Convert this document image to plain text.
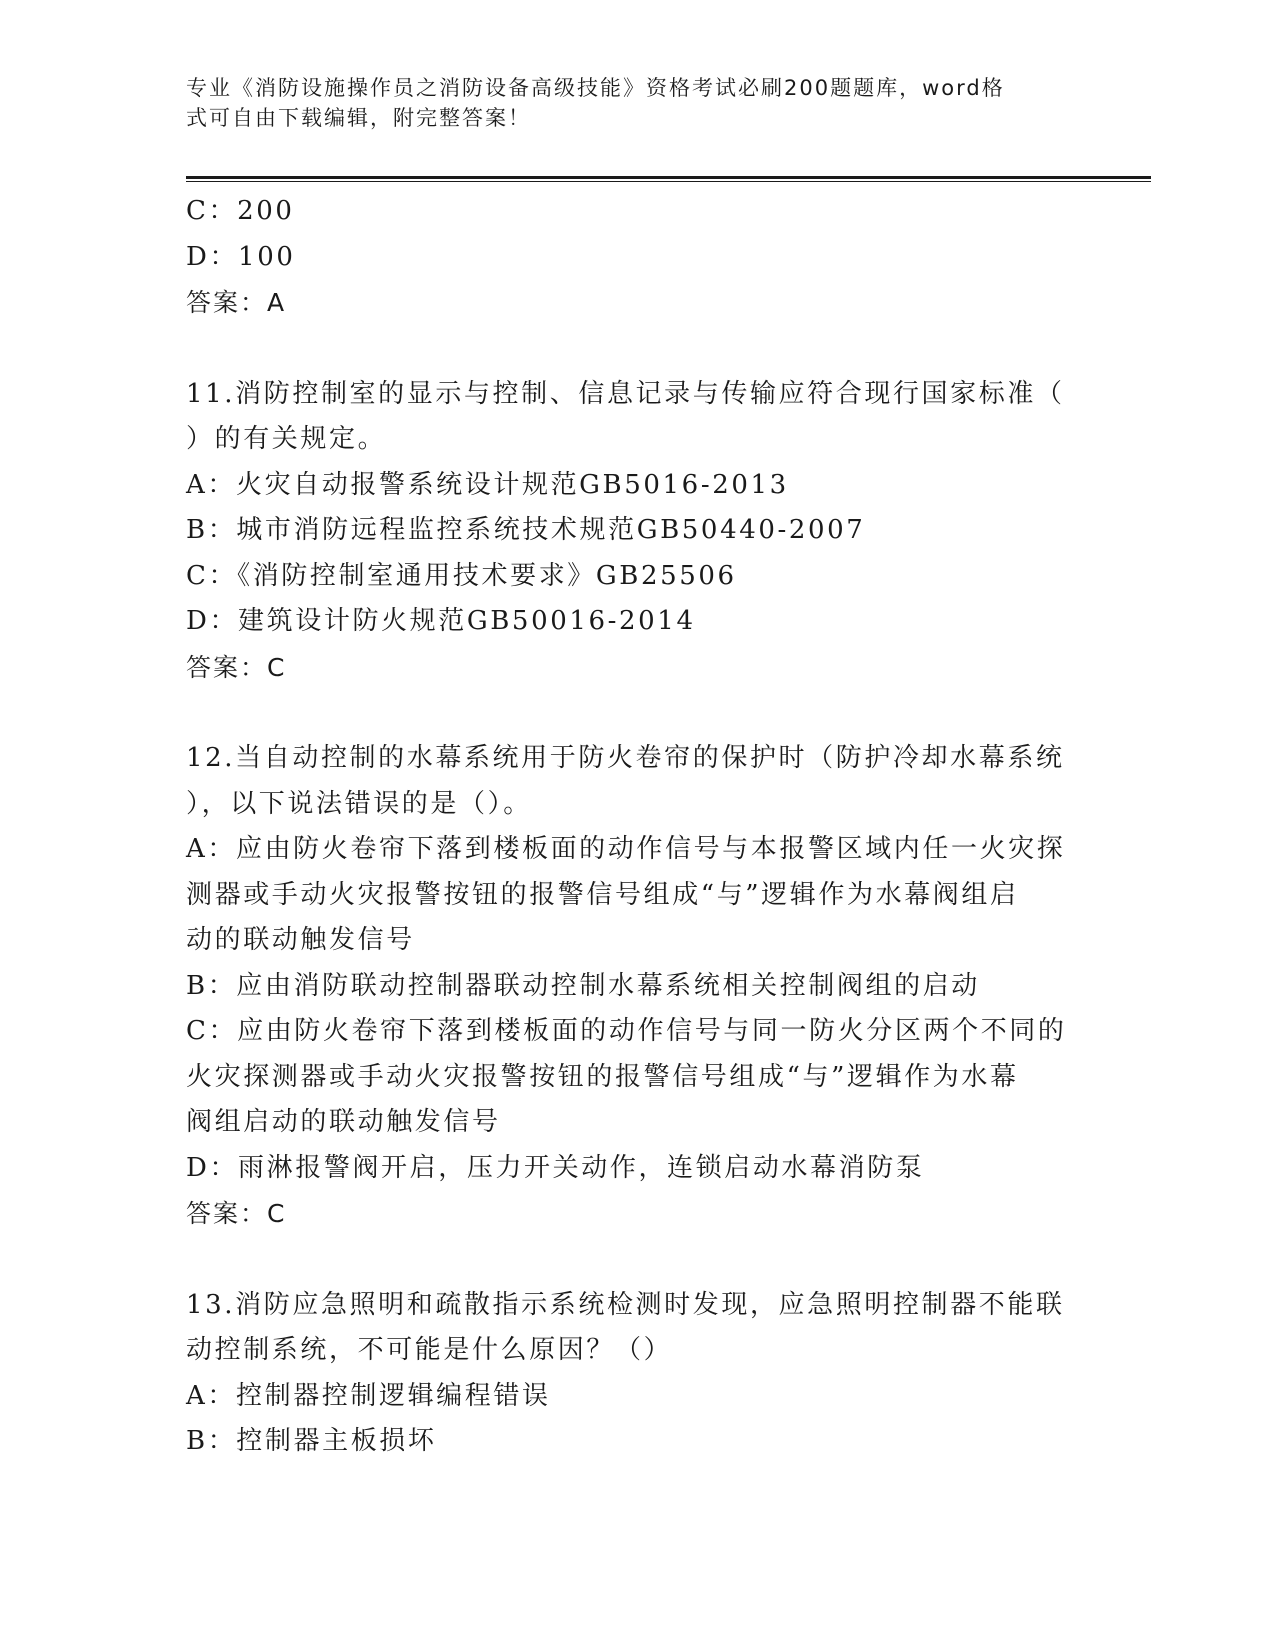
专业《消防设施操作员之消防设备高级技能》资格考试必刷200题题库，word格
式可自由下载编辑，附完整答案！

C：200

D：100

答案：A

11.消防控制室的显示与控制、信息记录与传输应符合现行国家标准（

）的有关规定。

A：火灾自动报警系统设计规范GB5016-2013

B：城市消防远程监控系统技术规范GB50440-2007

C：《消防控制室通用技术要求》GB25506

D：建筑设计防火规范GB50016-2014

答案：C

12.当自动控制的水幕系统用于防火卷帘的保护时（防护冷却水幕系统

），以下说法错误的是（）。

A：应由防火卷帘下落到楼板面的动作信号与本报警区域内任一火灾探

测器或手动火灾报警按钮的报警信号组成“与”逻辑作为水幕阀组启

动的联动触发信号

B：应由消防联动控制器联动控制水幕系统相关控制阀组的启动

C：应由防火卷帘下落到楼板面的动作信号与同一防火分区两个不同的

火灾探测器或手动火灾报警按钮的报警信号组成“与”逻辑作为水幕

阀组启动的联动触发信号

D：雨淋报警阀开启，压力开关动作，连锁启动水幕消防泵

答案：C

13.消防应急照明和疏散指示系统检测时发现，应急照明控制器不能联

动控制系统，不可能是什么原因？（）

A：控制器控制逻辑编程错误

B：控制器主板损坏
